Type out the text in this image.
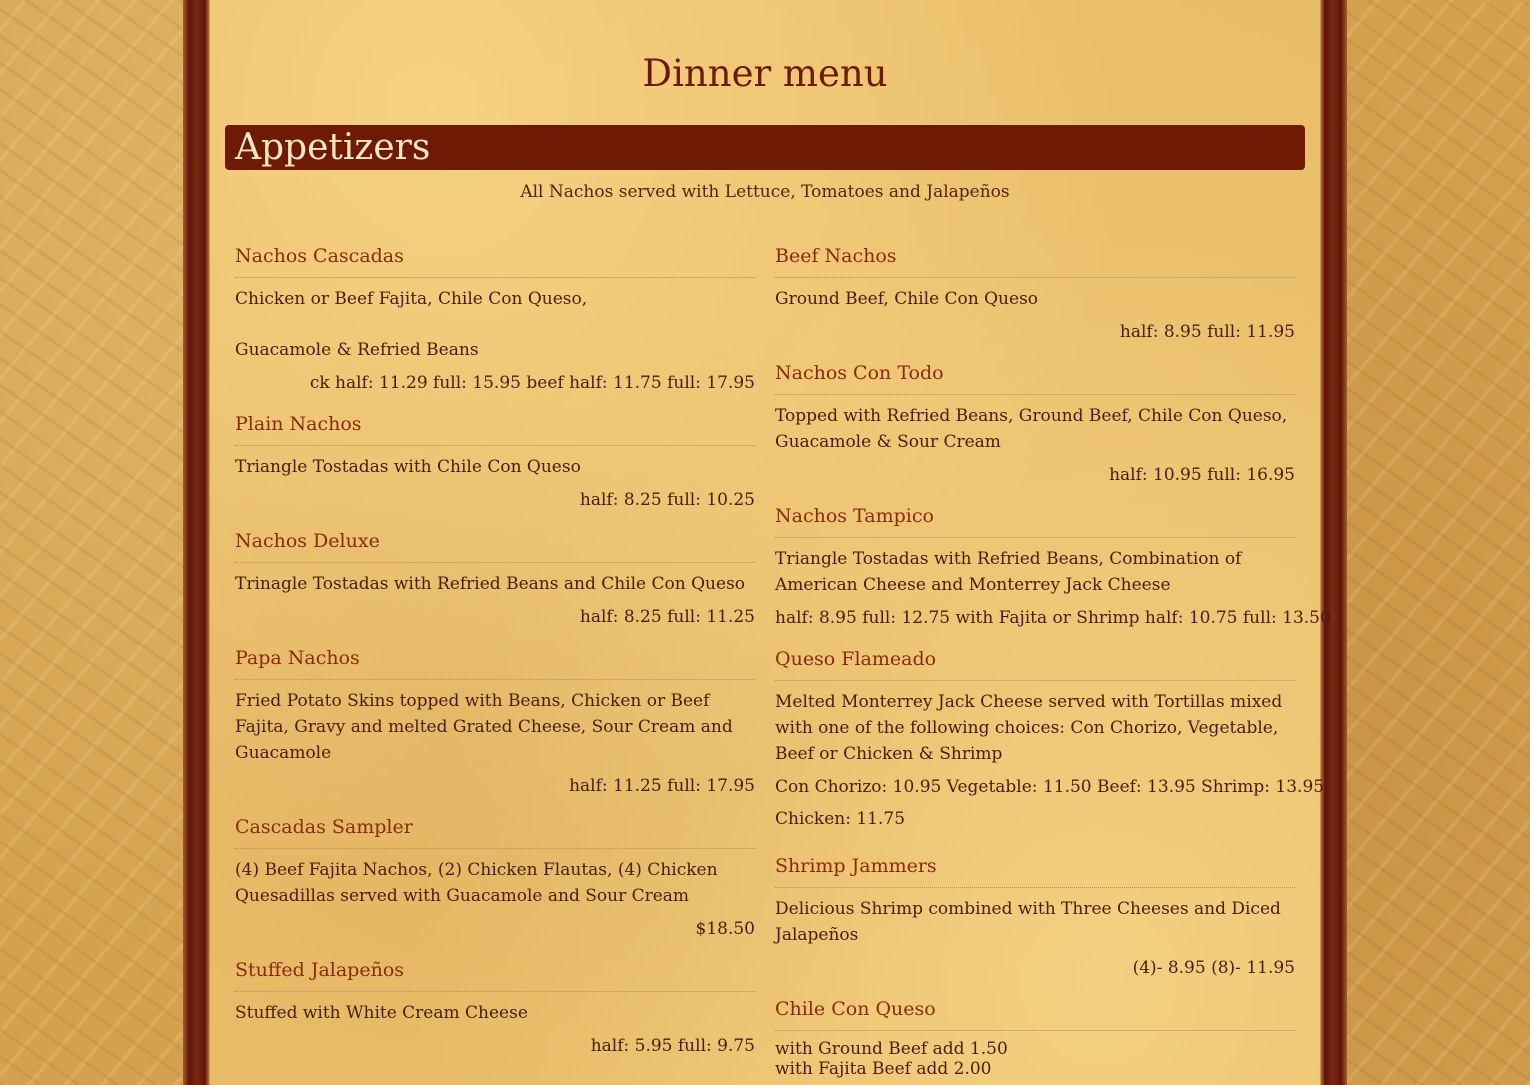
Dinner menu
Appetizers
All Nachos served with Lettuce, Tomatoes and Jalapeños
Nachos Cascadas
Chicken or Beef Fajita, Chile Con Queso,
Guacamole & Refried Beans
ck half: 11.29 full: 15.95 beef half: 11.75 full: 17.95
Plain Nachos
Triangle Tostadas with Chile Con Queso
half: 8.25 full: 10.25
Nachos Deluxe
Trinagle Tostadas with Refried Beans and Chile Con Queso
half: 8.25 full: 11.25
Papa Nachos
Fried Potato Skins topped with Beans, Chicken or Beef Fajita, Gravy and melted Grated Cheese, Sour Cream and Guacamole
half: 11.25 full: 17.95
Cascadas Sampler
(4) Beef Fajita Nachos, (2) Chicken Flautas, (4) Chicken Quesadillas served with Guacamole and Sour Cream
$18.50
Stuffed Jalapeños
Stuffed with White Cream Cheese
half: 5.95 full: 9.75
Beef Nachos
Ground Beef, Chile Con Queso
half: 8.95 full: 11.95
Nachos Con Todo
Topped with Refried Beans, Ground Beef, Chile Con Queso, Guacamole & Sour Cream
half: 10.95 full: 16.95
Nachos Tampico
Triangle Tostadas with Refried Beans, Combination of American Cheese and Monterrey Jack Cheese
half: 8.95 full: 12.75 with Fajita or Shrimp half: 10.75 full: 13.50
Queso Flameado
Melted Monterrey Jack Cheese served with Tortillas mixed with one of the following choices: Con Chorizo, Vegetable, Beef or Chicken & Shrimp
Con Chorizo: 10.95 Vegetable: 11.50 Beef: 13.95 Shrimp: 13.95
Chicken: 11.75
Shrimp Jammers
Delicious Shrimp combined with Three Cheeses and Diced Jalapeños
(4)- 8.95 (8)- 11.95
Chile Con Queso
with Ground Beef add 1.50
with Fajita Beef add 2.00
